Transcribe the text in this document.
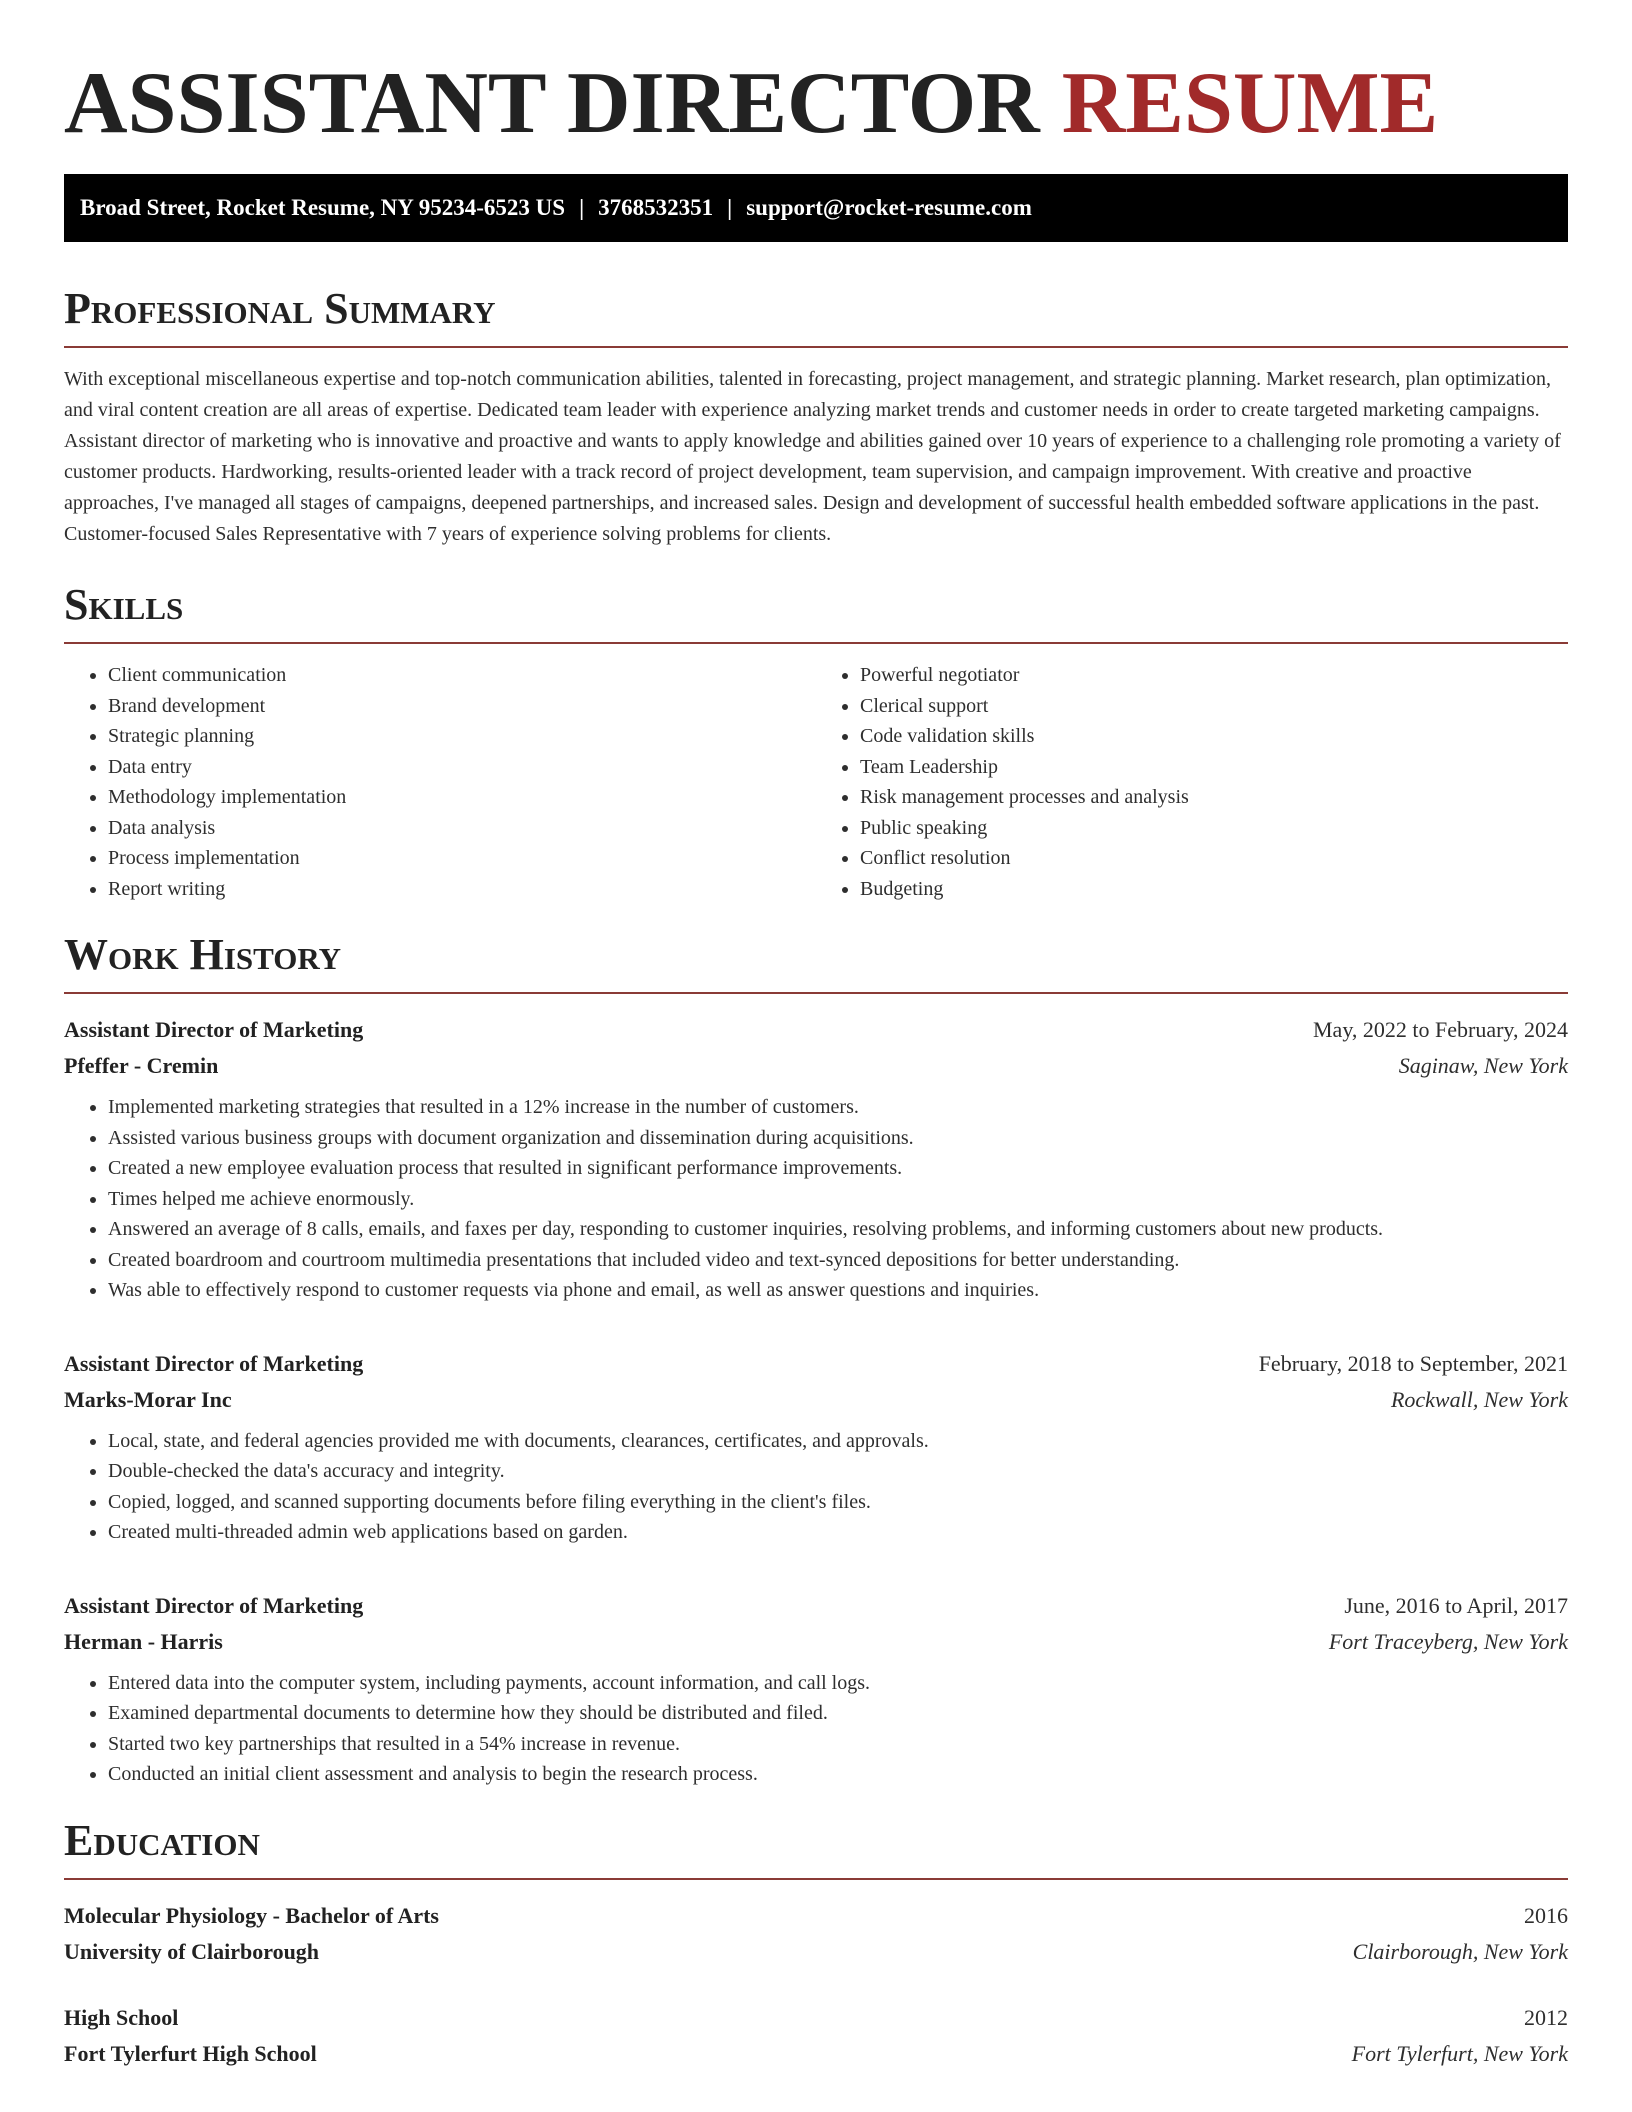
ASSISTANT DIRECTOR RESUME
Broad Street, Rocket Resume, NY 95234-6523 US | 3768532351 | support@rocket-resume.com
Professional Summary

With exceptional miscellaneous expertise and top-notch communication abilities, talented in forecasting, project management, and strategic planning. Market research, plan optimization, and viral content creation are all areas of expertise. Dedicated team leader with experience analyzing market trends and customer needs in order to create targeted marketing campaigns. Assistant director of marketing who is innovative and proactive and wants to apply knowledge and abilities gained over 10 years of experience to a challenging role promoting a variety of customer products. Hardworking, results-oriented leader with a track record of project development, team supervision, and campaign improvement. With creative and proactive approaches, I've managed all stages of campaigns, deepened partnerships, and increased sales. Design and development of successful health embedded software applications in the past. Customer-focused Sales Representative with 7 years of experience solving problems for clients.

Skills
• Client communication
• Brand development
• Strategic planning
• Data entry
• Methodology implementation
• Data analysis
• Process implementation
• Report writing
• Powerful negotiator
• Clerical support
• Code validation skills
• Team Leadership
• Risk management processes and analysis
• Public speaking
• Conflict resolution
• Budgeting
Work History
Assistant Director of Marketing	May, 2022 to February, 2024
Pfeffer - Cremin	Saginaw, New York
• Implemented marketing strategies that resulted in a 12% increase in the number of customers.
• Assisted various business groups with document organization and dissemination during acquisitions.
• Created a new employee evaluation process that resulted in significant performance improvements.
• Times helped me achieve enormously.
• Answered an average of 8 calls, emails, and faxes per day, responding to customer inquiries, resolving problems, and informing customers about new products.
• Created boardroom and courtroom multimedia presentations that included video and text-synced depositions for better understanding.
• Was able to effectively respond to customer requests via phone and email, as well as answer questions and inquiries.
Assistant Director of Marketing	February, 2018 to September, 2021
Marks-Morar Inc	Rockwall, New York
• Local, state, and federal agencies provided me with documents, clearances, certificates, and approvals.
• Double-checked the data's accuracy and integrity.
• Copied, logged, and scanned supporting documents before filing everything in the client's files.
• Created multi-threaded admin web applications based on garden.
Assistant Director of Marketing	June, 2016 to April, 2017
Herman - Harris	Fort Traceyberg, New York
• Entered data into the computer system, including payments, account information, and call logs.
• Examined departmental documents to determine how they should be distributed and filed.
• Started two key partnerships that resulted in a 54% increase in revenue.
• Conducted an initial client assessment and analysis to begin the research process.
Education
Molecular Physiology - Bachelor of Arts	2016
University of Clairborough	Clairborough, New York
High School	2012
Fort Tylerfurt High School	Fort Tylerfurt, New York
